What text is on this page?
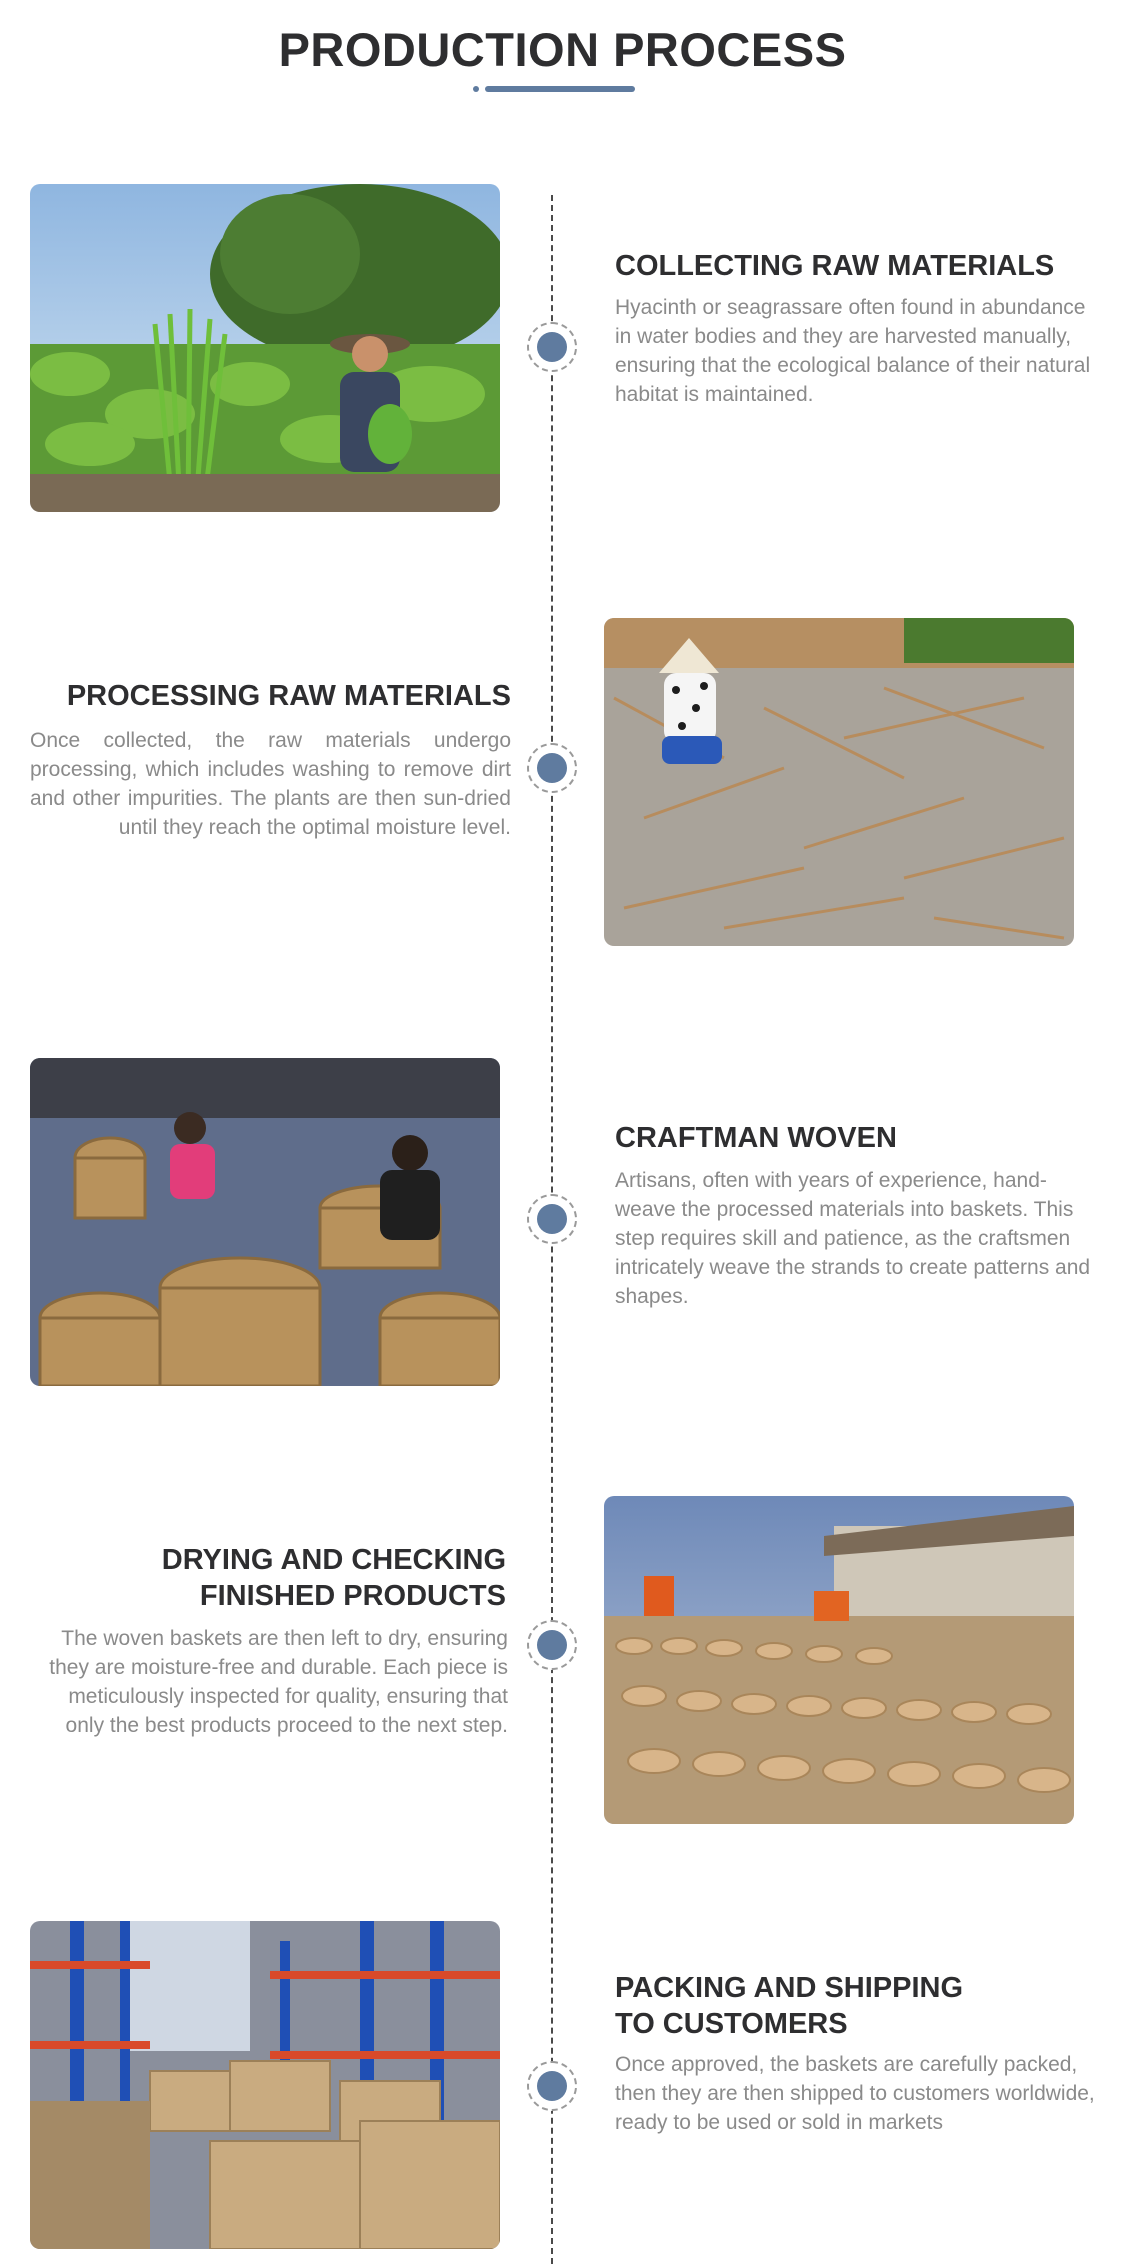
PRODUCTION PROCESS
COLLECTING RAW MATERIALS
Hyacinth or seagrassare often found in abundance in water bodies and they are harvested manually, ensuring that the ecological balance of their natural habitat is maintained.
PROCESSING RAW MATERIALS
Once collected, the raw materials undergo processing, which includes washing to remove dirt and other impurities. The plants are then sun-dried until they reach the optimal moisture level.
CRAFTMAN WOVEN
Artisans, often with years of experience, hand-weave the processed materials into baskets. This step requires skill and patience, as the craftsmen intricately weave the strands to create patterns and shapes.
DRYING AND CHECKING
FINISHED PRODUCTS
The woven baskets are then left to dry, ensuring they are moisture-free and durable. Each piece is meticulously inspected for quality, ensuring that only the best products proceed to the next step.
PACKING AND SHIPPING
TO CUSTOMERS
Once approved, the baskets are carefully packed, then they are then shipped to customers worldwide, ready to be used or sold in markets
